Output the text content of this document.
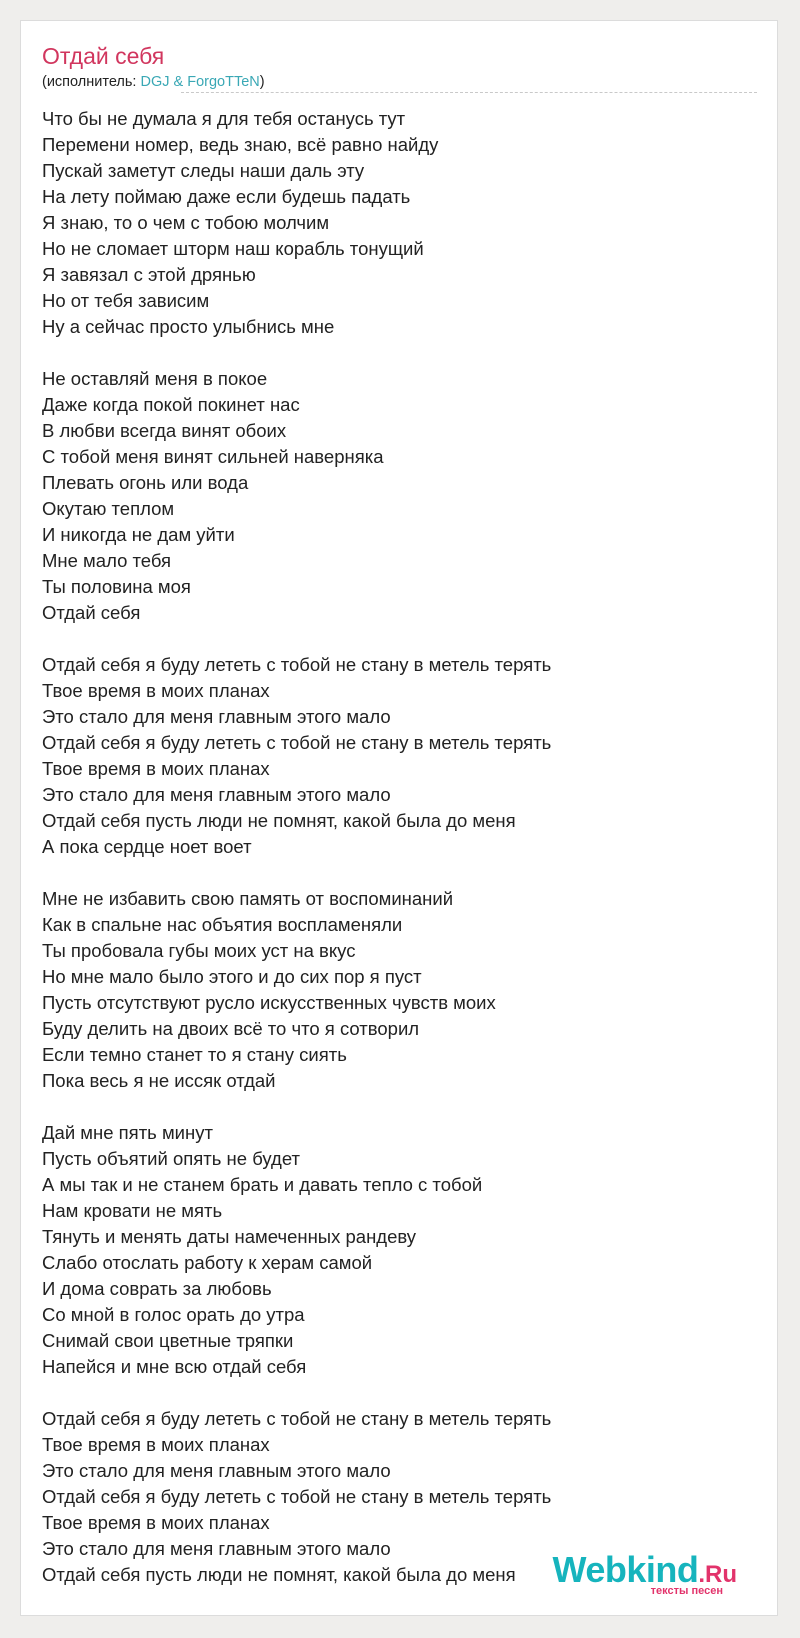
Отдай себя
(исполнитель: DGJ & ForgoTTeN)
Что бы не думала я для тебя останусь тут
Перемени номер, ведь знаю, всё равно найду
Пускай заметут следы наши даль эту
На лету поймаю даже если будешь падать
Я знаю, то о чем с тобою молчим
Но не сломает шторм наш корабль тонущий
Я завязал с этой дрянью
Но от тебя зависим
Ну а сейчас просто улыбнись мне
Не оставляй меня в покое
Даже когда покой покинет нас
В любви всегда винят обоих
С тобой меня винят сильней наверняка
Плевать огонь или вода
Окутаю теплом
И никогда не дам уйти
Мне мало тебя
Ты половина моя
Отдай себя
Отдай себя я буду лететь с тобой не стану в метель терять
Твое время в моих планах
Это стало для меня главным этого мало
Отдай себя я буду лететь с тобой не стану в метель терять
Твое время в моих планах
Это стало для меня главным этого мало
Отдай себя пусть люди не помнят, какой была до меня
А пока сердце ноет воет
Мне не избавить свою память от воспоминаний
Как в спальне нас объятия воспламеняли
Ты пробовала губы моих уст на вкус
Но мне мало было этого и до сих пор я пуст
Пусть отсутствуют русло искусственных чувств моих
Буду делить на двоих всё то что я сотворил
Если темно станет то я стану сиять
Пока весь я не иссяк отдай
Дай мне пять минут
Пусть объятий опять не будет
А мы так и не станем брать и давать тепло с тобой
Нам кровати не мять
Тянуть и менять даты намеченных рандеву
Слабо отослать работу к херам самой
И дома соврать за любовь
Со мной в голос орать до утра
Снимай свои цветные тряпки
Напейся и мне всю отдай себя
Отдай себя я буду лететь с тобой не стану в метель терять
Твое время в моих планах
Это стало для меня главным этого мало
Отдай себя я буду лететь с тобой не стану в метель терять
Твое время в моих планах
Это стало для меня главным этого мало
Отдай себя пусть люди не помнят, какой была до меня	Webkind.Ru
тексты песен
